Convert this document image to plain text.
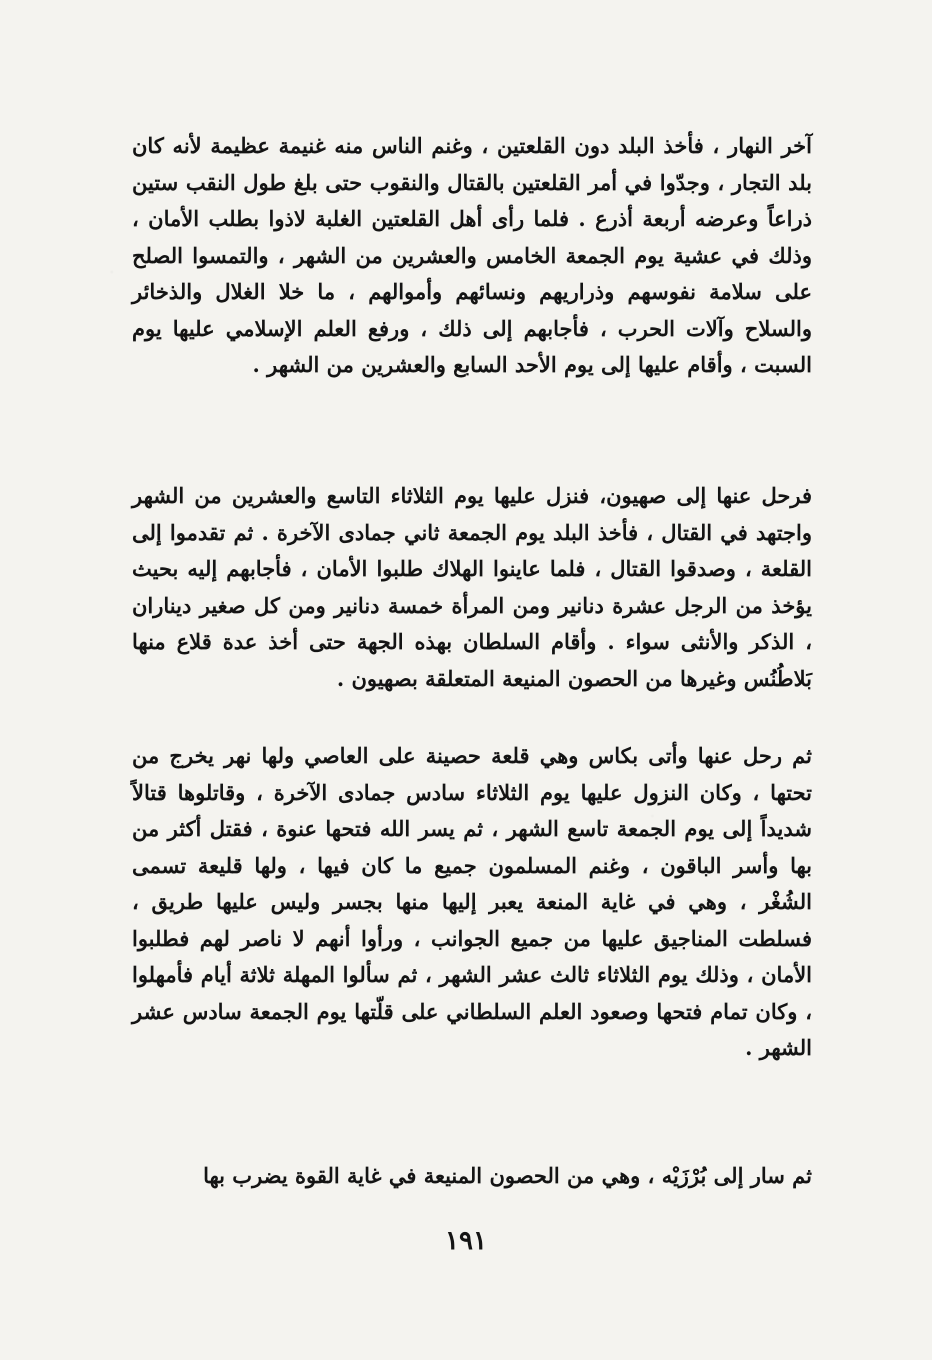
آخر النهار ، فأخذ البلد دون القلعتين ، وغنم الناس منه غنيمة عظيمة لأنه كان بلد التجار ، وجدّوا في أمر القلعتين بالقتال والنقوب حتى بلغ طول النقب ستين ذراعاً وعرضه أربعة أذرع . فلما رأى أهل القلعتين الغلبة لاذوا بطلب الأمان ، وذلك في عشية يوم الجمعة الخامس والعشرين من الشهر ، والتمسوا الصلح على سلامة نفوسهم وذراريهم ونسائهم وأموالهم ، ما خلا الغلال والذخائر والسلاح وآلات الحرب ، فأجابهم إلى ذلك ، ورفع العلم الإسلامي عليها يوم السبت ، وأقام عليها إلى يوم الأحد السابع والعشرين من الشهر .

فرحل عنها إلى صهيون، فنزل عليها يوم الثلاثاء التاسع والعشرين من الشهر واجتهد في القتال ، فأخذ البلد يوم الجمعة ثاني جمادى الآخرة . ثم تقدموا إلى القلعة ، وصدقوا القتال ، فلما عاينوا الهلاك طلبوا الأمان ، فأجابهم إليه بحيث يؤخذ من الرجل عشرة دنانير ومن المرأة خمسة دنانير ومن كل صغير ديناران ، الذكر والأنثى سواء . وأقام السلطان بهذه الجهة حتى أخذ عدة قلاع منها بَلاطُنُس وغيرها من الحصون المنيعة المتعلقة بصهيون .

ثم رحل عنها وأتى بكاس وهي قلعة حصينة على العاصي ولها نهر يخرج من تحتها ، وكان النزول عليها يوم الثلاثاء سادس جمادى الآخرة ، وقاتلوها قتالاً شديداً إلى يوم الجمعة تاسع الشهر ، ثم يسر الله فتحها عنوة ، فقتل أكثر من بها وأسر الباقون ، وغنم المسلمون جميع ما كان فيها ، ولها قليعة تسمى الشُغْر ، وهي في غاية المنعة يعبر إليها منها بجسر وليس عليها طريق ، فسلطت المناجيق عليها من جميع الجوانب ، ورأوا أنهم لا ناصر لهم فطلبوا الأمان ، وذلك يوم الثلاثاء ثالث عشر الشهر ، ثم سألوا المهلة ثلاثة أيام فأمهلوا ، وكان تمام فتحها وصعود العلم السلطاني على قلّتها يوم الجمعة سادس عشر الشهر .

ثم سار إلى بُرْزَيْه ، وهي من الحصون المنيعة في غاية القوة يضرب بها

١٩١
